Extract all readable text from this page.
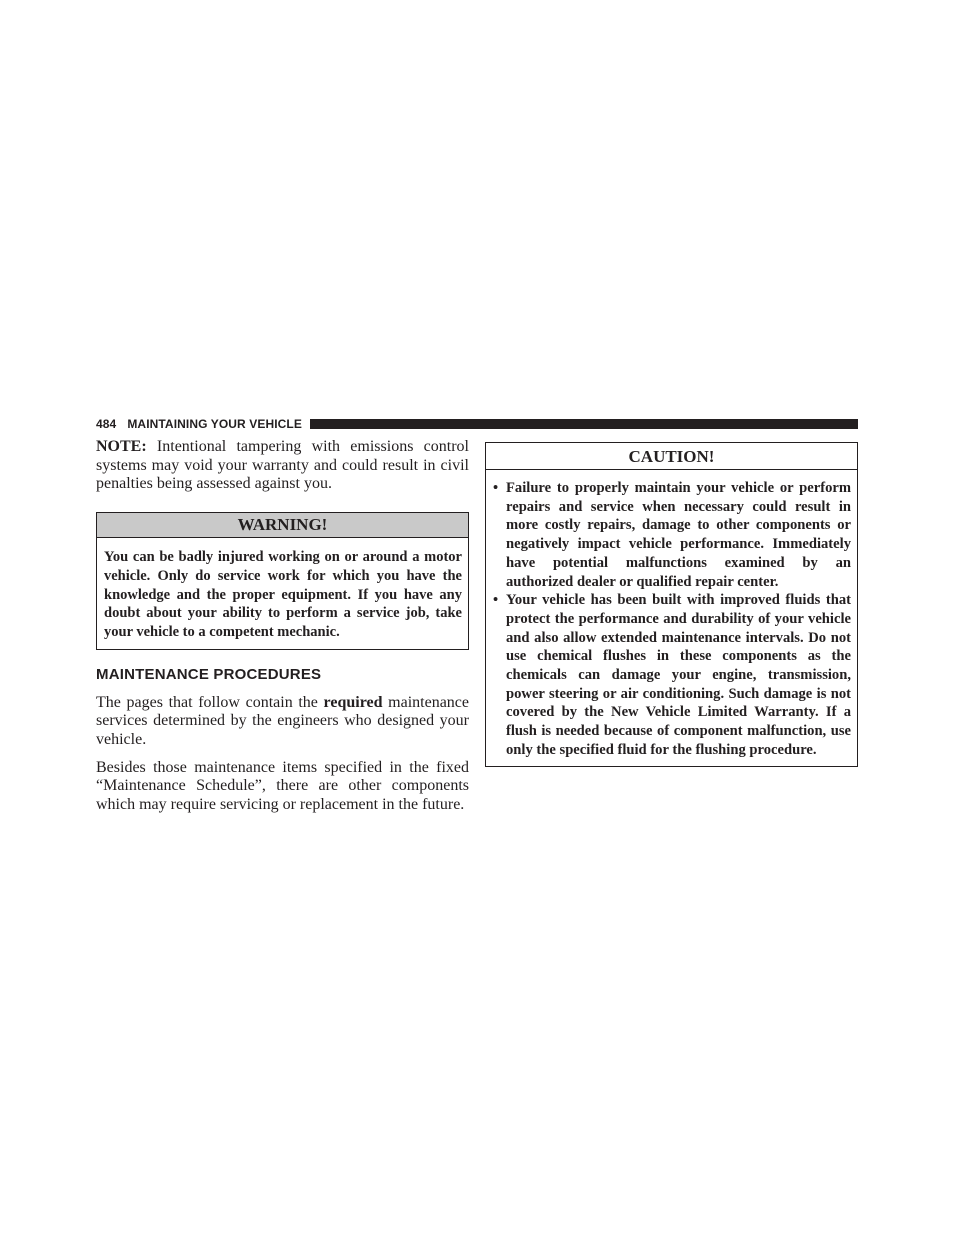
484 MAINTAINING YOUR VEHICLE

NOTE: Intentional tampering with emissions control systems may void your warranty and could result in civil penalties being assessed against you.

WARNING!
You can be badly injured working on or around a motor vehicle. Only do service work for which you have the knowledge and the proper equipment. If you have any doubt about your ability to perform a service job, take your vehicle to a competent mechanic.
MAINTENANCE PROCEDURES

The pages that follow contain the required maintenance services determined by the engineers who designed your vehicle.

Besides those maintenance items specified in the fixed “Maintenance Schedule”, there are other components which may require servicing or replacement in the future.

CAUTION!
• Failure to properly maintain your vehicle or perform repairs and service when necessary could result in more costly repairs, damage to other components or negatively impact vehicle performance. Immediately have potential malfunctions examined by an authorized dealer or qualified repair center.
• Your vehicle has been built with improved fluids that protect the performance and durability of your vehicle and also allow extended maintenance intervals. Do not use chemical flushes in these components as the chemicals can damage your engine, transmission, power steering or air conditioning. Such damage is not covered by the New Vehicle Limited Warranty. If a flush is needed because of component malfunction, use only the specified fluid for the flushing procedure.
